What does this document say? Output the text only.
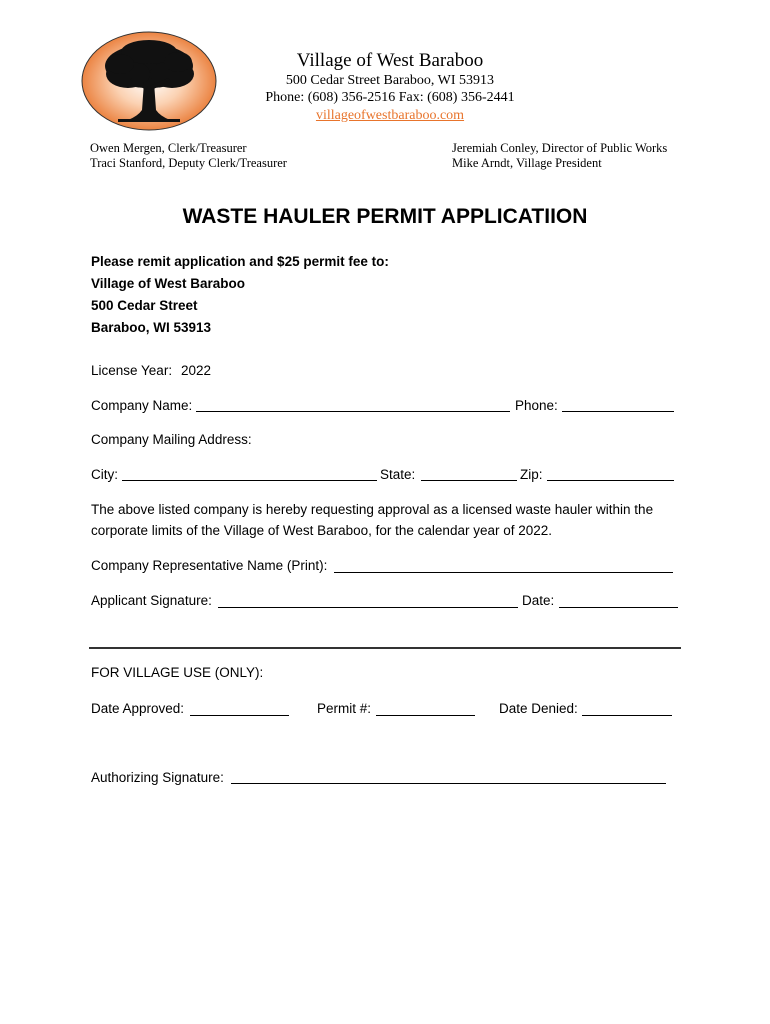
Village of West Baraboo
500 Cedar Street Baraboo, WI 53913
Phone: (608) 356-2516 Fax: (608) 356-2441
villageofwestbaraboo.com
Owen Mergen, Clerk/Treasurer
Traci Stanford, Deputy Clerk/Treasurer
Jeremiah Conley, Director of Public Works
Mike Arndt, Village President
WASTE HAULER PERMIT APPLICATIION
Please remit application and $25 permit fee to:
Village of West Baraboo
500 Cedar Street
Baraboo, WI 53913
License Year: 2022
Company Name:	Phone:
Company Mailing Address:
City:	State:	Zip:
The above listed company is hereby requesting approval as a licensed waste hauler within the corporate limits of the Village of West Baraboo, for the calendar year of 2022.
Company Representative Name (Print):
Applicant Signature:	Date:
FOR VILLAGE USE (ONLY):
Date Approved:	Permit #:	Date Denied:
Authorizing Signature:
